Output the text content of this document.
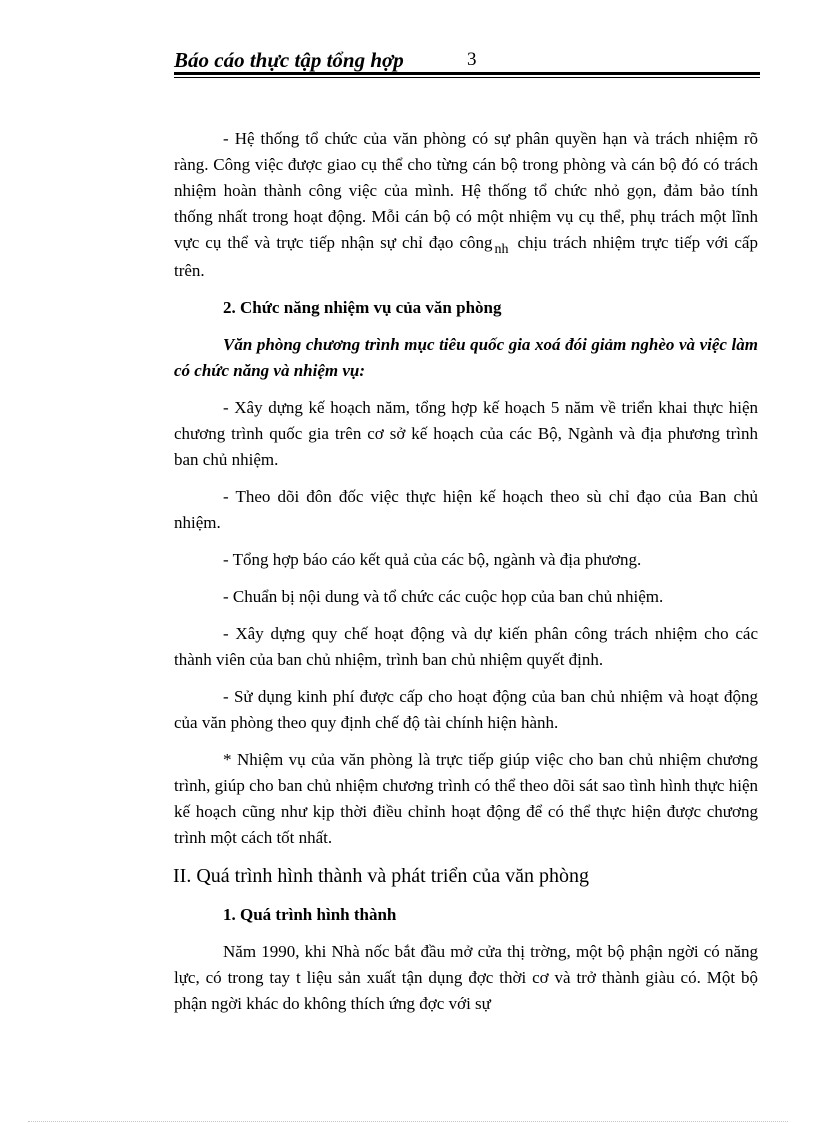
Báo cáo thực tập tổng hợp	3

- Hệ thống tổ chức của văn phòng có sự phân quyền hạn và trách nhiệm rõ ràng. Công việc được giao cụ thể cho từng cán bộ trong phòng và cán bộ đó có trách nhiệm hoàn thành công việc của mình. Hệ thống tổ chức nhỏ gọn, đảm bảo tính thống nhất trong hoạt động. Mỗi cán bộ có một nhiệm vụ cụ thể, phụ trách một lĩnh vực cụ thể và trực tiếp nhận sự chỉ đạo công $_{nh}$ chịu trách nhiệm trực tiếp với cấp trên.

2. Chức năng nhiệm vụ của văn phòng

Văn phòng chương trình mục tiêu quốc gia xoá đói giảm nghèo và việc làm có chức năng và nhiệm vụ:

- Xây dựng kế hoạch năm, tổng hợp kế hoạch 5 năm về triển khai thực hiện chương trình quốc gia trên cơ sở kế hoạch của các Bộ, Ngành và địa phương trình ban chủ nhiệm.

- Theo dõi đôn đốc việc thực hiện kế hoạch theo sù chỉ đạo của Ban chủ nhiệm.

- Tổng hợp báo cáo kết quả của các bộ, ngành và địa phương.

- Chuẩn bị nội dung và tổ chức các cuộc họp của ban chủ nhiệm.

- Xây dựng quy chế hoạt động và dự kiến phân công trách nhiệm cho các thành viên của ban chủ nhiệm, trình ban chủ nhiệm quyết định.

- Sử dụng kinh phí được cấp cho hoạt động của ban chủ nhiệm và hoạt động của văn phòng theo quy định chế độ tài chính hiện hành.

* Nhiệm vụ của văn phòng là trực tiếp giúp việc cho ban chủ nhiệm chương trình, giúp cho ban chủ nhiệm chương trình có thể theo dõi sát sao tình hình thực hiện kế hoạch cũng như kịp thời điều chỉnh hoạt động để có thể thực hiện được chương trình một cách tốt nhất.

II. Quá trình hình thành và phát triển của văn phòng
1. Quá trình hình thành

Năm 1990, khi Nhà nốc bắt đầu mở cửa thị trờng, một bộ phận ngời có năng lực, có trong tay t liệu sản xuất tận dụng đợc thời cơ và trở thành giàu có. Một bộ phận ngời khác do không thích ứng đợc với sự
